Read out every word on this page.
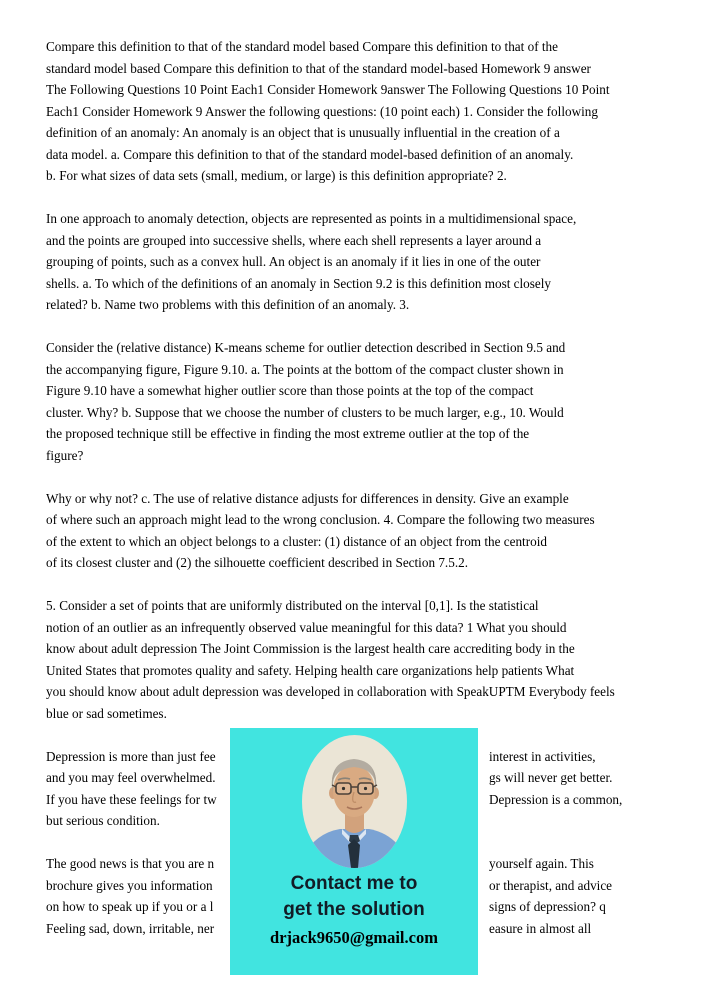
Compare this definition to that of the standard model based Compare this definition to that of the
standard model based Compare this definition to that of the standard model-based Homework 9 answer
The Following Questions 10 Point Each1 Consider Homework 9answer The Following Questions 10 Point
Each1 Consider Homework 9 Answer the following questions: (10 point each) 1. Consider the following
definition of an anomaly: An anomaly is an object that is unusually influential in the creation of a
data model. a. Compare this definition to that of the standard model-based definition of an anomaly.
b. For what sizes of data sets (small, medium, or large) is this definition appropriate? 2.
In one approach to anomaly detection, objects are represented as points in a multidimensional space,
and the points are grouped into successive shells, where each shell represents a layer around a
grouping of points, such as a convex hull. An object is an anomaly if it lies in one of the outer
shells. a. To which of the definitions of an anomaly in Section 9.2 is this definition most closely
related? b. Name two problems with this definition of an anomaly. 3.
Consider the (relative distance) K-means scheme for outlier detection described in Section 9.5 and
the accompanying figure, Figure 9.10. a. The points at the bottom of the compact cluster shown in
Figure 9.10 have a somewhat higher outlier score than those points at the top of the compact
cluster. Why? b. Suppose that we choose the number of clusters to be much larger, e.g., 10. Would
the proposed technique still be effective in finding the most extreme outlier at the top of the
figure?
Why or why not? c. The use of relative distance adjusts for differences in density. Give an example
of where such an approach might lead to the wrong conclusion. 4. Compare the following two measures
of the extent to which an object belongs to a cluster: (1) distance of an object from the centroid
of its closest cluster and (2) the silhouette coefficient described in Section 7.5.2.
5. Consider a set of points that are uniformly distributed on the interval [0,1]. Is the statistical
notion of an outlier as an infrequently observed value meaningful for this data? 1 What you should
know about adult depression The Joint Commission is the largest health care accrediting body in the
United States that promotes quality and safety. Helping health care organizations help patients What
you should know about adult depression was developed in collaboration with SpeakUPTM Everybody feels
blue or sad sometimes.
Depression is more than just fee	interest in activities,
and you may feel overwhelmed.	gs will never get better.
If you have these feelings for tw	Depression is a common,
but serious condition.
The good news is that you are n	yourself again. This
brochure gives you information	or therapist, and advice
on how to speak up if you or a l	signs of depression? q
Feeling sad, down, irritable, ner	easure in almost all
Contact me to
get the solution
drjack9650@gmail.com
